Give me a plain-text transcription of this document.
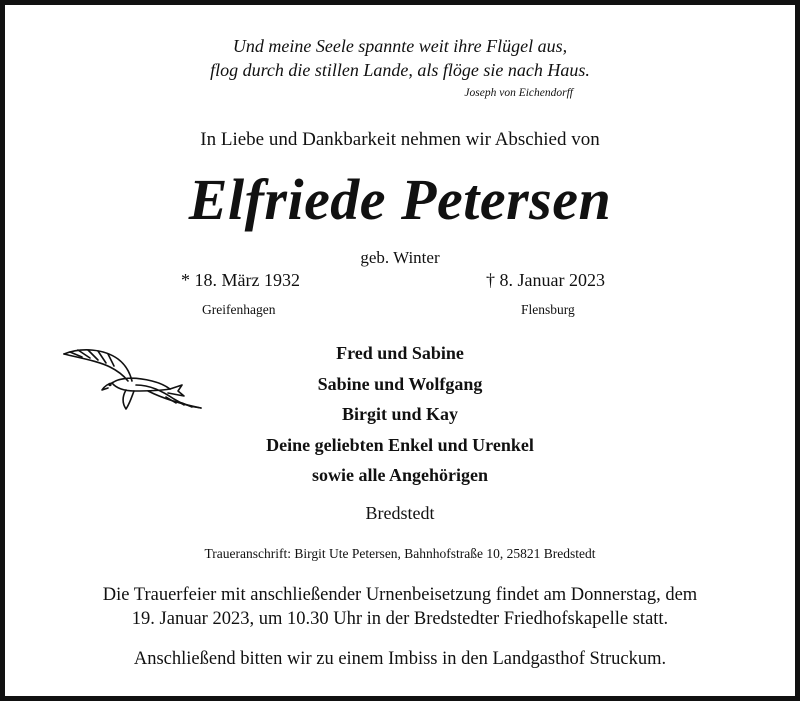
Und meine Seele spannte weit ihre Flügel aus,
flog durch die stillen Lande, als flöge sie nach Haus.
Joseph von Eichendorff
In Liebe und Dankbarkeit nehmen wir Abschied von
Elfriede Petersen
geb. Winter
* 18. März 1932	† 8. Januar 2023
Greifenhagen	Flensburg
Fred und Sabine
Sabine und Wolfgang
Birgit und Kay
Deine geliebten Enkel und Urenkel
sowie alle Angehörigen
Bredstedt
Traueranschrift: Birgit Ute Petersen, Bahnhofstraße 10, 25821 Bredstedt
Die Trauerfeier mit anschließender Urnenbeisetzung findet am Donnerstag, dem
19. Januar 2023, um 10.30 Uhr in der Bredstedter Friedhofskapelle statt.
Anschließend bitten wir zu einem Imbiss in den Landgasthof Struckum.
